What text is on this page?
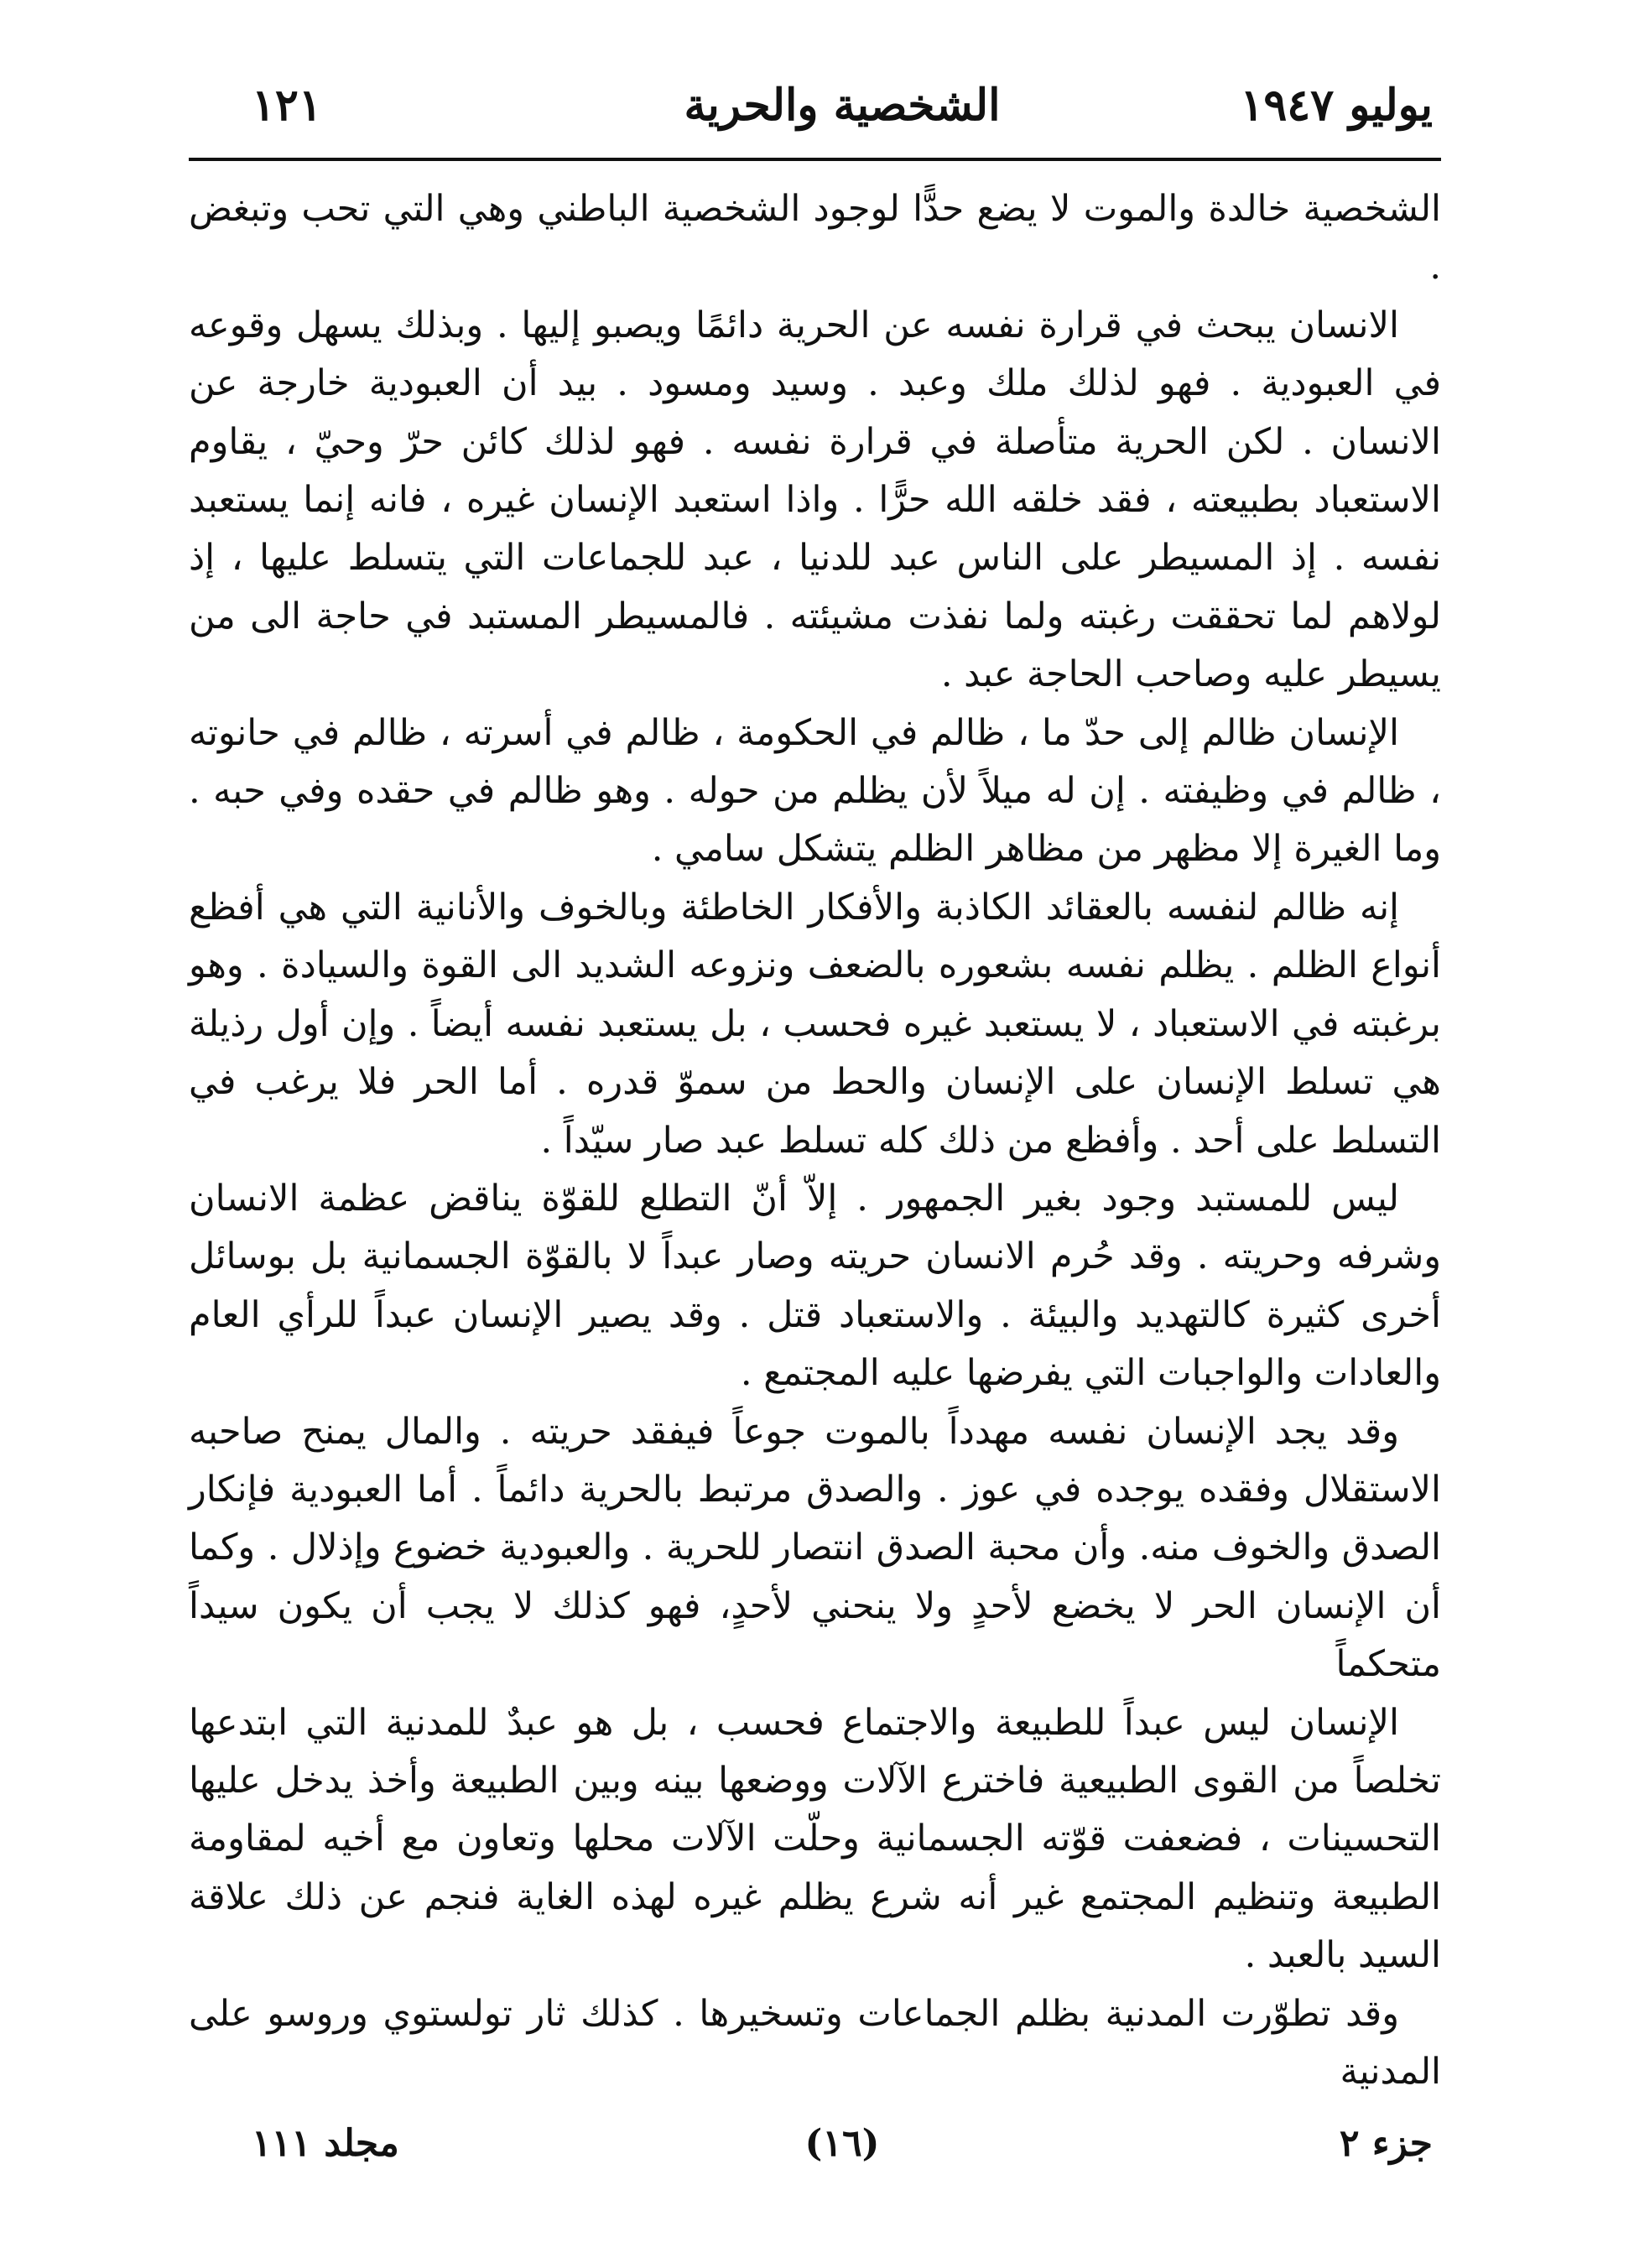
يوليو ١٩٤٧
الشخصية والحرية
١٢١

الشخصية خالدة والموت لا يضع حدًّا لوجود الشخصية الباطني وهي التي تحب وتبغض .

الانسان يبحث في قرارة نفسه عن الحرية دائمًا ويصبو إليها . وبذلك يسهل وقوعه في العبودية . فهو لذلك ملك وعبد . وسيد ومسود . بيد أن العبودية خارجة عن الانسان . لكن الحرية متأصلة في قرارة نفسه . فهو لذلك كائن حرّ وحيّ ، يقاوم الاستعباد بطبيعته ، فقد خلقه الله حرًّا . واذا استعبد الإنسان غيره ، فانه إنما يستعبد نفسه . إذ المسيطر على الناس عبد للدنيا ، عبد للجماعات التي يتسلط عليها ، إذ لولاهم لما تحققت رغبته ولما نفذت مشيئته . فالمسيطر المستبد في حاجة الى من يسيطر عليه وصاحب الحاجة عبد .

الإنسان ظالم إلى حدّ ما ، ظالم في الحكومة ، ظالم في أسرته ، ظالم في حانوته ، ظالم في وظيفته . إن له ميلاً لأن يظلم من حوله . وهو ظالم في حقده وفي حبه . وما الغيرة إلا مظهر من مظاهر الظلم يتشكل سامي .

إنه ظالم لنفسه بالعقائد الكاذبة والأفكار الخاطئة وبالخوف والأنانية التي هي أفظع أنواع الظلم . يظلم نفسه بشعوره بالضعف ونزوعه الشديد الى القوة والسيادة . وهو برغبته في الاستعباد ، لا يستعبد غيره فحسب ، بل يستعبد نفسه أيضاً . وإن أول رذيلة هي تسلط الإنسان على الإنسان والحط من سموّ قدره . أما الحر فلا يرغب في التسلط على أحد . وأفظع من ذلك كله تسلط عبد صار سيّداً .

ليس للمستبد وجود بغير الجمهور . إلاّ أنّ التطلع للقوّة يناقض عظمة الانسان وشرفه وحريته . وقد حُرم الانسان حريته وصار عبداً لا بالقوّة الجسمانية بل بوسائل أخرى كثيرة كالتهديد والبيئة . والاستعباد قتل . وقد يصير الإنسان عبداً للرأي العام والعادات والواجبات التي يفرضها عليه المجتمع .

وقد يجد الإنسان نفسه مهدداً بالموت جوعاً فيفقد حريته . والمال يمنح صاحبه الاستقلال وفقده يوجده في عوز . والصدق مرتبط بالحرية دائماً . أما العبودية فإنكار الصدق والخوف منه. وأن محبة الصدق انتصار للحرية . والعبودية خضوع وإذلال . وكما أن الإنسان الحر لا يخضع لأحدٍ ولا ينحني لأحدٍ، فهو كذلك لا يجب أن يكون سيداً متحكماً

الإنسان ليس عبداً للطبيعة والاجتماع فحسب ، بل هو عبدٌ للمدنية التي ابتدعها تخلصاً من القوى الطبيعية فاخترع الآلات ووضعها بينه وبين الطبيعة وأخذ يدخل عليها التحسينات ، فضعفت قوّته الجسمانية وحلّت الآلات محلها وتعاون مع أخيه لمقاومة الطبيعة وتنظيم المجتمع غير أنه شرع يظلم غيره لهذه الغاية فنجم عن ذلك علاقة السيد بالعبد .

وقد تطوّرت المدنية بظلم الجماعات وتسخيرها . كذلك ثار تولستوي وروسو على المدنية

جزء ٢
(١٦)
مجلد ١١١
